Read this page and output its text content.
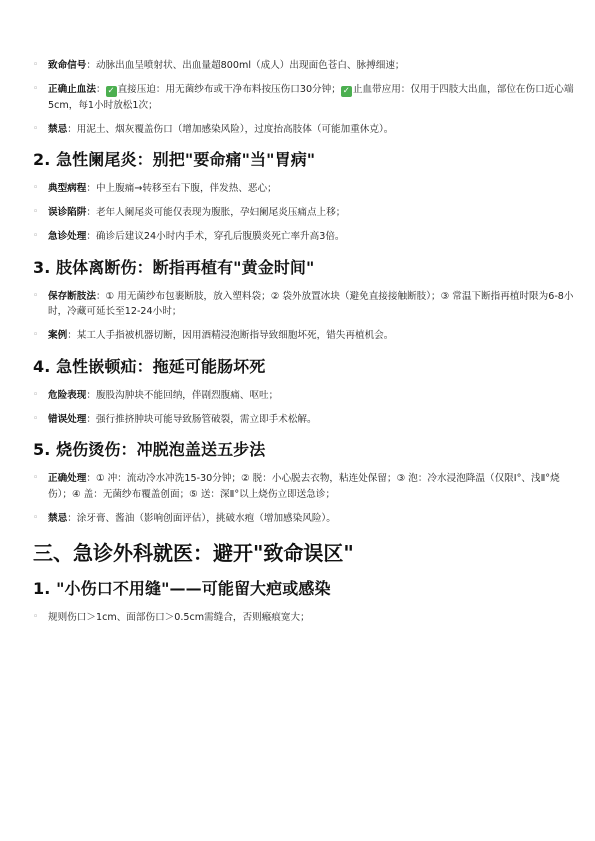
◦ 致命信号：动脉出血呈喷射状、出血量超800ml（成人）出现面色苍白、脉搏细速；
◦ 正确止血法： ✓ 直接压迫：用无菌纱布或干净布料按压伤口30分钟； ✓ 止血带应用：仅用于四肢大出血，部位在伤口近心端5cm，每1小时放松1次；
◦ 禁忌：用泥土、烟灰覆盖伤口（增加感染风险），过度抬高肢体（可能加重休克）。
2. 急性阑尾炎：别把"要命痛"当"胃病"
◦ 典型病程：中上腹痛→转移至右下腹，伴发热、恶心；
◦ 误诊陷阱：老年人阑尾炎可能仅表现为腹胀，孕妇阑尾炎压痛点上移；
◦ 急诊处理：确诊后建议24小时内手术，穿孔后腹膜炎死亡率升高3倍。
3. 肢体离断伤：断指再植有"黄金时间"
◦ 保存断肢法：① 用无菌纱布包裹断肢，放入塑料袋；② 袋外放置冰块（避免直接接触断肢）；③ 常温下断指再植时限为6-8小时，冷藏可延长至12-24小时；
◦ 案例：某工人手指被机器切断，因用酒精浸泡断指导致细胞坏死，错失再植机会。
4. 急性嵌顿疝：拖延可能肠坏死
◦ 危险表现：腹股沟肿块不能回纳，伴剧烈腹痛、呕吐；
◦ 错误处理：强行推挤肿块可能导致肠管破裂，需立即手术松解。
5. 烧伤烫伤：冲脱泡盖送五步法
◦ 正确处理：① 冲：流动冷水冲洗15-30分钟；② 脱：小心脱去衣物，粘连处保留；③ 泡：冷水浸泡降温（仅限Ⅰ°、浅Ⅱ°烧伤）；④ 盖：无菌纱布覆盖创面；⑤ 送：深Ⅱ°以上烧伤立即送急诊；
◦ 禁忌：涂牙膏、酱油（影响创面评估），挑破水疱（增加感染风险）。
三、急诊外科就医：避开"致命误区"
1. "小伤口不用缝"——可能留大疤或感染
◦ 规则伤口＞1cm、面部伤口＞0.5cm需缝合，否则瘢痕宽大；
